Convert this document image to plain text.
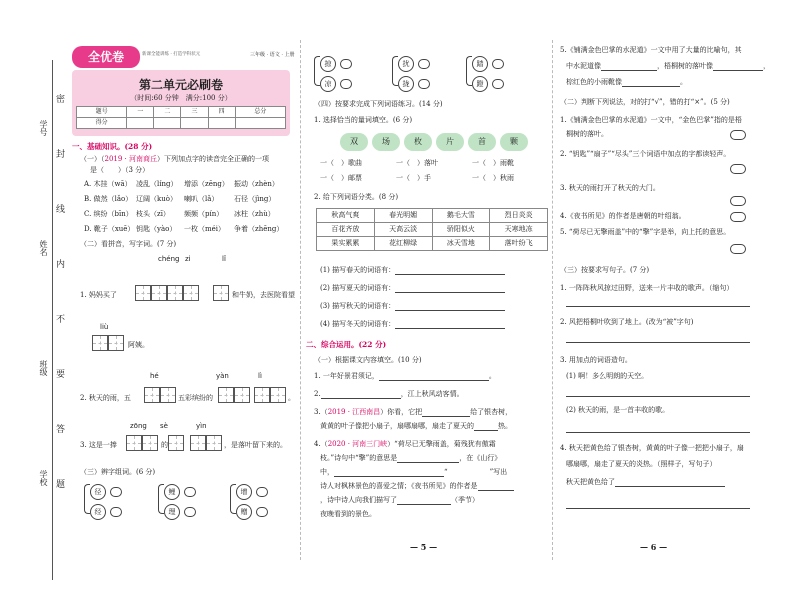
学号
姓名
班级
学校
密
封
线
内
不
要
答
题
全优卷	新课全能训练 · 打造学科状元	三年级 · 语文 · 上册
第二单元必刷卷
（时间:60 分钟　满分:100 分）
题号	一	二	三	四	总分
得分					
一、基础知识。(28 分)
（一）（2019 · 河南商丘）下列加点字的读音完全正确的一项
是（　　）（3 分）
A. 木挂（wā） 凌乱（líng） 增添（zēng） 振动（zhèn）
B. 做然（lǎo） 辽阔（kuò） 喇叭（lǎ） 石径（jìng）
C. 缤纷（bīn） 枝头（zī） 频频（pín） 冰柱（zhù）
D. 靴子（xuē） 钥匙（yào） 一枚（méi） 争着（zhēng）
（二）看拼音，写字词。(7 分)
chéng zi	lǐ
1. 妈妈买了	和牛奶，去医院看望
liù
阿姨。
hé	yàn	lì
2. 秋天的雨，五	五彩缤纷的	。
zōng sè	yìn
3. 这是一捧	的	，是落叶留下来的。
（三）辨字组词。(6 分)
径
经
鲤
理
增
赠
掠
凉
扰
拢
踏
蹬
（四）按要求完成下列词语练习。(14 分)
1. 选择恰当的量词填空。(6 分)
双	场	枚	片	首	颗
一（　）歌曲	一（　）落叶	一（　）雨靴
一（　）邮票	一（　）手	一（　）秋雨
2. 给下列词语分类。(8 分)
秋高气爽	春光明媚	鹅毛大雪	烈日炎炎
百花齐放	天高云淡	骄阳似火	天寒地冻
果实累累	花红柳绿	冰天雪地	落叶纷飞
(1) 描写春天的词语有：
(2) 描写夏天的词语有：
(3) 描写秋天的词语有：
(4) 描写冬天的词语有：
二、综合运用。(22 分)
（一）根据课文内容填空。(10 分)
1. 一年好景君须记，	。
2.	，江上秋风动客情。
3.（2019 · 江西南昌）你看，它把	给了银杏树，
黄黄的叶子像把小扇子，扇哪扇哪，扇走了夏天的	热。
4.（2020 · 河南三门峡）“荷尽已无擎雨盖，菊残犹有傲霜
枝。”诗句中“擎”的意思是	，在《山行》
中，	“　　　　　　”写出
诗人对枫林景色的喜爱之情；《夜书所见》的作者是
，诗中诗人向我们描写了	（季节）
夜晚看到的景色。
— 5 —
5.《铺满金色巴掌的水泥道》一文中用了大量的比喻句，其
中水泥道像	，梧桐树的落叶像	，
棕红色的小雨靴像	。
（二）判断下列说法，对的打“√”，错的打“×”。(5 分)
1.《铺满金色巴掌的水泥道》一文中，“金色巴掌”指的是梧
桐树的落叶。
2. “钥匙”“扇子”“尽头”三个词语中加点的字都读轻声。
3. 秋天的雨打开了秋天的大门。
4.《夜书所见》的作者是唐朝的叶绍翁。
5. “荷尽已无擎雨盖”中的“擎”字是举，向上托的意思。
（三）按要求写句子。(7 分)
1. 一阵阵秋风掠过田野，送来一片丰收的歌声。（缩句）
2. 风把梧桐叶吹到了地上。(改为“被”字句)
3. 用加点的词语造句。
(1) 啊！多么明朗的天空。
(2) 秋天的雨，是一首丰收的歌。
4. 秋天把黄色给了银杏树，黄黄的叶子像一把把小扇子，扇
哪扇哪，扇走了夏天的炎热。（照样子，写句子）
秋天把黄色给了
— 6 —
